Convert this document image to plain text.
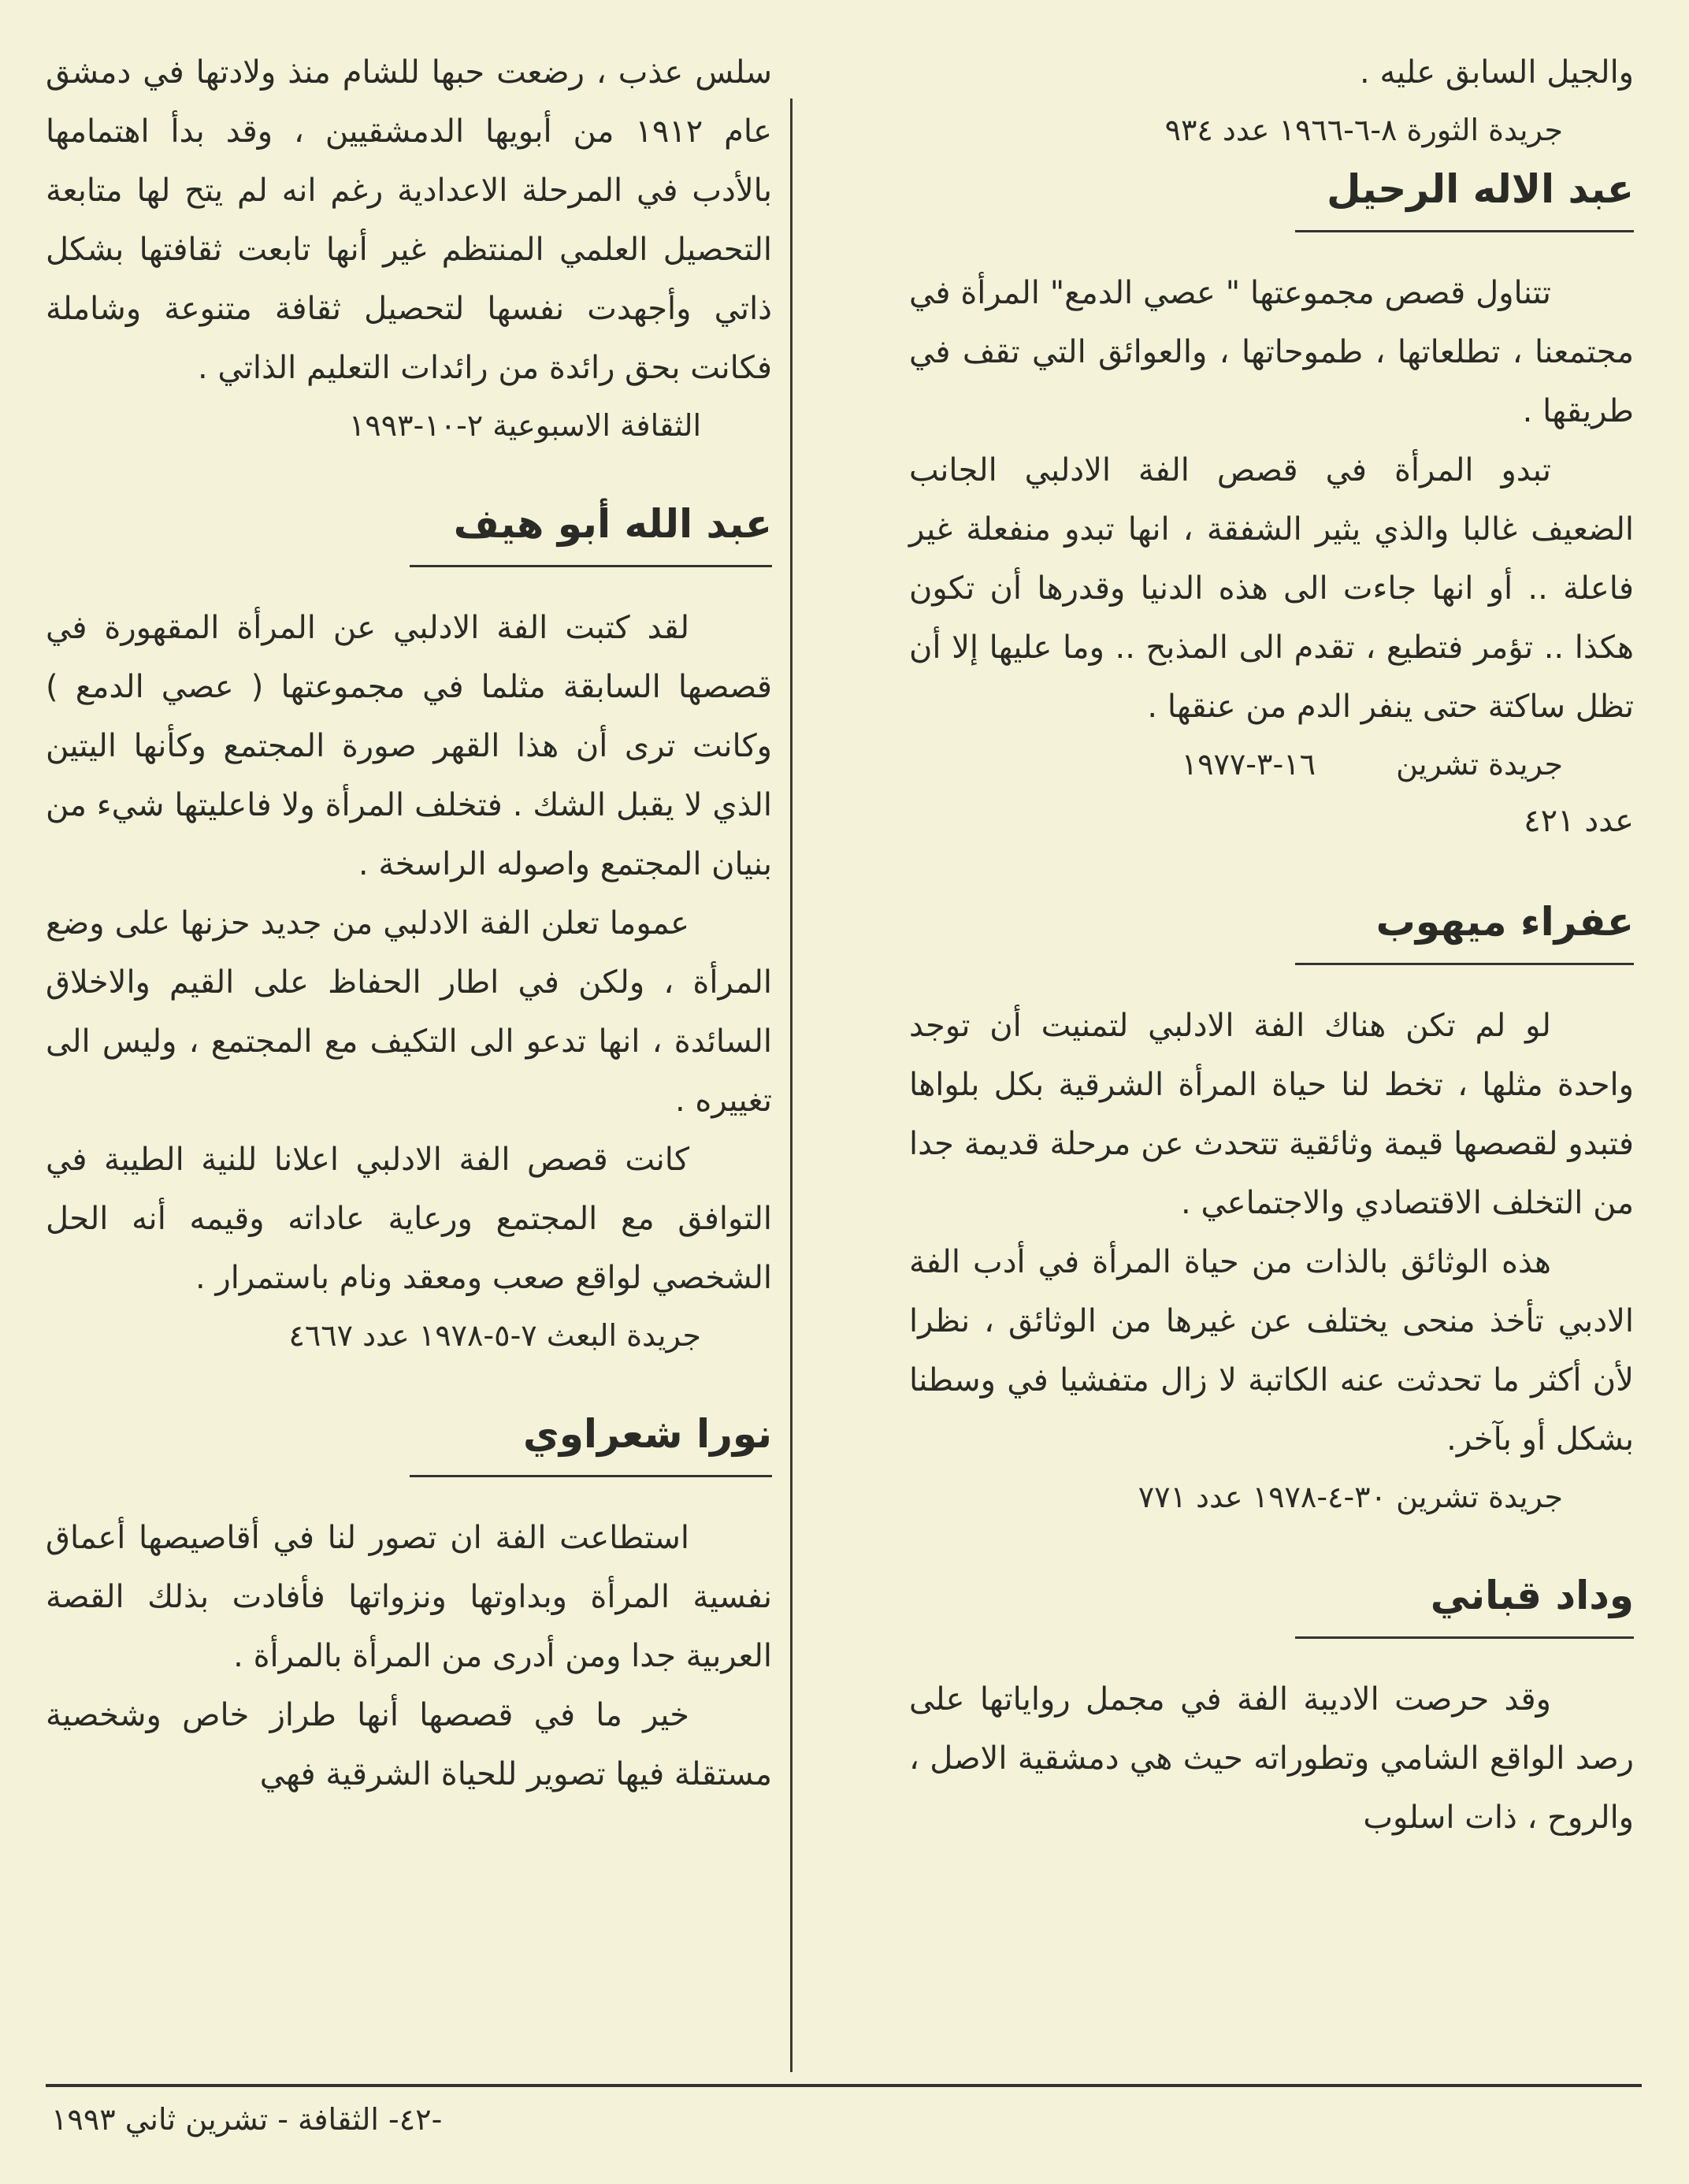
والجيل السابق عليه .

جريدة الثورة ٨-٦-١٩٦٦ عدد ٩٣٤

عبد الاله الرحيل

تتناول قصص مجموعتها " عصي الدمع" المرأة في مجتمعنا ، تطلعاتها ، طموحاتها ، والعوائق التي تقف في طريقها .

تبدو المرأة في قصص الفة الادلبي الجانب الضعيف غالبا والذي يثير الشفقة ، انها تبدو منفعلة غير فاعلة .. أو انها جاءت الى هذه الدنيا وقدرها أن تكون هكذا .. تؤمر فتطيع ، تقدم الى المذبح .. وما عليها إلا أن تظل ساكتة حتى ينفر الدم من عنقها .

جريدة تشرين ١٦-٣-١٩٧٧

عدد ٤٢١

عفراء ميهوب

لو لم تكن هناك الفة الادلبي لتمنيت أن توجد واحدة مثلها ، تخط لنا حياة المرأة الشرقية بكل بلواها فتبدو لقصصها قيمة وثائقية تتحدث عن مرحلة قديمة جدا من التخلف الاقتصادي والاجتماعي .

هذه الوثائق بالذات من حياة المرأة في أدب الفة الادبي تأخذ منحى يختلف عن غيرها من الوثائق ، نظرا لأن أكثر ما تحدثت عنه الكاتبة لا زال متفشيا في وسطنا بشكل أو بآخر.

جريدة تشرين ٣٠-٤-١٩٧٨ عدد ٧٧١

وداد قباني

وقد حرصت الاديبة الفة في مجمل رواياتها على رصد الواقع الشامي وتطوراته حيث هي دمشقية الاصل ، والروح ، ذات اسلوب

سلس عذب ، رضعت حبها للشام منذ ولادتها في دمشق عام ١٩١٢ من أبويها الدمشقيين ، وقد بدأ اهتمامها بالأدب في المرحلة الاعدادية رغم انه لم يتح لها متابعة التحصيل العلمي المنتظم غير أنها تابعت ثقافتها بشكل ذاتي وأجهدت نفسها لتحصيل ثقافة متنوعة وشاملة فكانت بحق رائدة من رائدات التعليم الذاتي .

الثقافة الاسبوعية ٢-١٠-١٩٩٣

عبد الله أبو هيف

لقد كتبت الفة الادلبي عن المرأة المقهورة في قصصها السابقة مثلما في مجموعتها ( عصي الدمع ) وكانت ترى أن هذا القهر صورة المجتمع وكأنها اليتين الذي لا يقبل الشك . فتخلف المرأة ولا فاعليتها شيء من بنيان المجتمع واصوله الراسخة .

عموما تعلن الفة الادلبي من جديد حزنها على وضع المرأة ، ولكن في اطار الحفاظ على القيم والاخلاق السائدة ، انها تدعو الى التكيف مع المجتمع ، وليس الى تغييره .

كانت قصص الفة الادلبي اعلانا للنية الطيبة في التوافق مع المجتمع ورعاية عاداته وقيمه أنه الحل الشخصي لواقع صعب ومعقد ونام باستمرار .

جريدة البعث ٧-٥-١٩٧٨ عدد ٤٦٦٧

نورا شعراوي

استطاعت الفة ان تصور لنا في أقاصيصها أعماق نفسية المرأة وبداوتها ونزواتها فأفادت بذلك القصة العربية جدا ومن أدرى من المرأة بالمرأة .

خير ما في قصصها أنها طراز خاص وشخصية مستقلة فيها تصوير للحياة الشرقية فهي

-٤٢- الثقافة - تشرين ثاني ١٩٩٣
